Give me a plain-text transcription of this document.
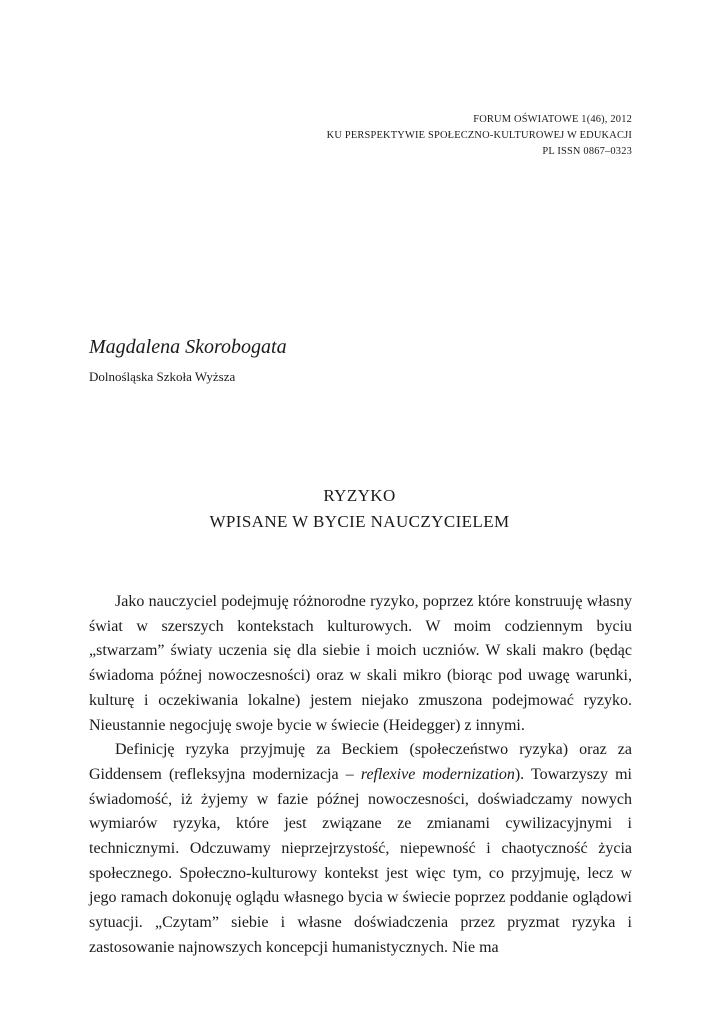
FORUM OŚWIATOWE 1(46), 2012
KU PERSPEKTYWIE SPOŁECZNO-KULTUROWEJ W EDUKACJI
PL ISSN 0867–0323
Magdalena Skorobogata
Dolnośląska Szkoła Wyższa
RYZYKO
WPISANE W BYCIE NAUCZYCIELEM

Jako nauczyciel podejmuję różnorodne ryzyko, poprzez które konstruuję własny świat w szerszych kontekstach kulturowych. W moim codziennym byciu „stwarzam” światy uczenia się dla siebie i moich uczniów. W skali makro (będąc świadoma późnej nowoczesności) oraz w skali mikro (biorąc pod uwagę warunki, kulturę i oczekiwania lokalne) jestem niejako zmuszona podejmować ryzyko. Nieustannie negocjuję swoje bycie w świecie (Heidegger) z innymi.

Definicję ryzyka przyjmuję za Beckiem (społeczeństwo ryzyka) oraz za Giddensem (refleksyjna modernizacja – reflexive modernization). Towarzyszy mi świadomość, iż żyjemy w fazie późnej nowoczesności, doświadczamy nowych wymiarów ryzyka, które jest związane ze zmianami cywilizacyjnymi i technicznymi. Odczuwamy nieprzejrzystość, niepewność i chaotyczność życia społecznego. Społeczno-kulturowy kontekst jest więc tym, co przyjmuję, lecz w jego ramach dokonuję oglądu własnego bycia w świecie poprzez poddanie oglądowi sytuacji. „Czytam” siebie i własne doświadczenia przez pryzmat ryzyka i zastosowanie najnowszych koncepcji humanistycznych. Nie ma
